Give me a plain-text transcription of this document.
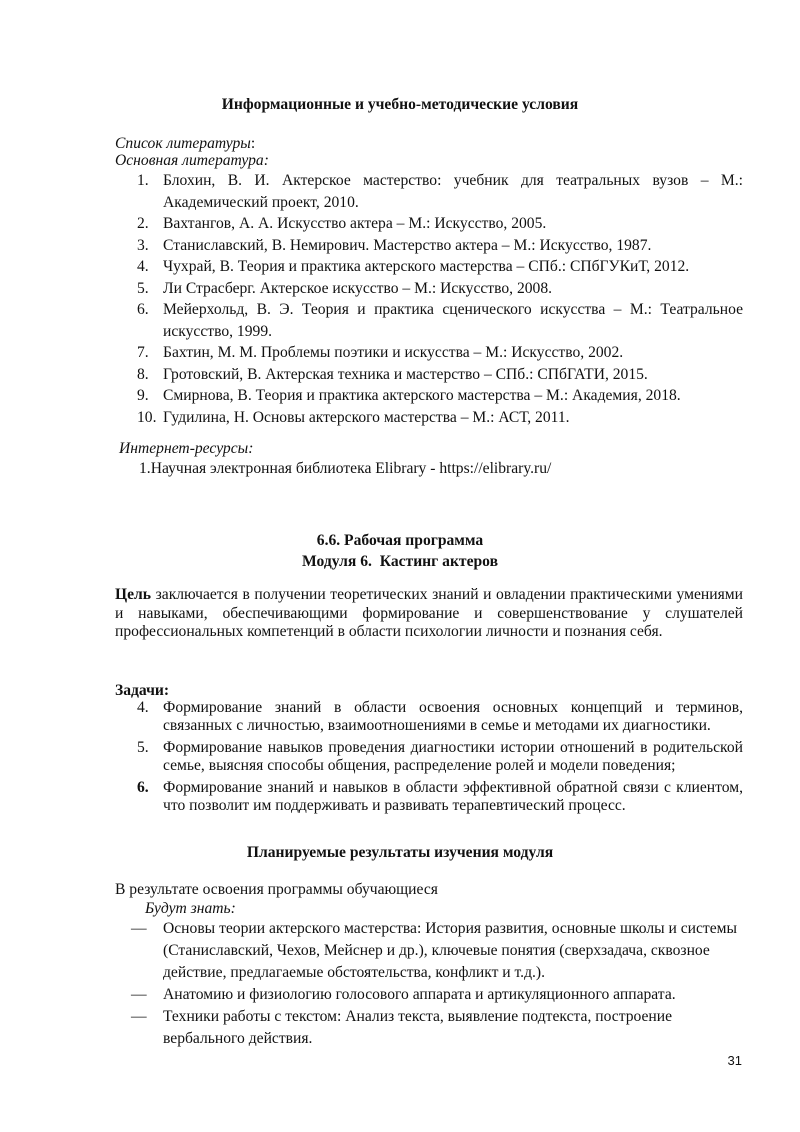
Информационные и учебно-методические условия
Список литературы:
Основная литература:
1. Блохин, В. И. Актерское мастерство: учебник для театральных вузов – М.: Академический проект, 2010.
2. Вахтангов, А. А. Искусство актера – М.: Искусство, 2005.
3. Станиславский, В. Немирович. Мастерство актера – М.: Искусство, 1987.
4. Чухрай, В. Теория и практика актерского мастерства – СПб.: СПбГУКиТ, 2012.
5. Ли Страсберг. Актерское искусство – М.: Искусство, 2008.
6. Мейерхольд, В. Э. Теория и практика сценического искусства – М.: Театральное искусство, 1999.
7. Бахтин, М. М. Проблемы поэтики и искусства – М.: Искусство, 2002.
8. Гротовский, В. Актерская техника и мастерство – СПб.: СПбГАТИ, 2015.
9. Смирнова, В. Теория и практика актерского мастерства – М.: Академия, 2018.
10. Гудилина, Н. Основы актерского мастерства – М.: АСТ, 2011.
Интернет-ресурсы:
1.Научная электронная библиотека Elibrary - https://elibrary.ru/
6.6. Рабочая программа
Модуля 6.  Кастинг актеров
Цель заключается в получении теоретических знаний и овладении практическими умениями и навыками, обеспечивающими формирование и совершенствование у слушателей профессиональных компетенций в области психологии личности и познания себя.
Задачи:
4. Формирование знаний в области освоения основных концепций и терминов, связанных с личностью, взаимоотношениями в семье и методами их диагностики.
5. Формирование навыков проведения диагностики истории отношений в родительской семье, выясняя способы общения, распределение ролей и модели поведения;
6. Формирование знаний и навыков в области эффективной обратной связи с клиентом, что позволит им поддерживать и развивать терапевтический процесс.
Планируемые результаты изучения модуля
В результате освоения программы обучающиеся
Будут знать:
— Основы теории актерского мастерства: История развития, основные школы и системы (Станиславский, Чехов, Мейснер и др.), ключевые понятия (сверхзадача, сквозное действие, предлагаемые обстоятельства, конфликт и т.д.).
— Анатомию и физиологию голосового аппарата и артикуляционного аппарата.
— Техники работы с текстом: Анализ текста, выявление подтекста, построение вербального действия.
31
